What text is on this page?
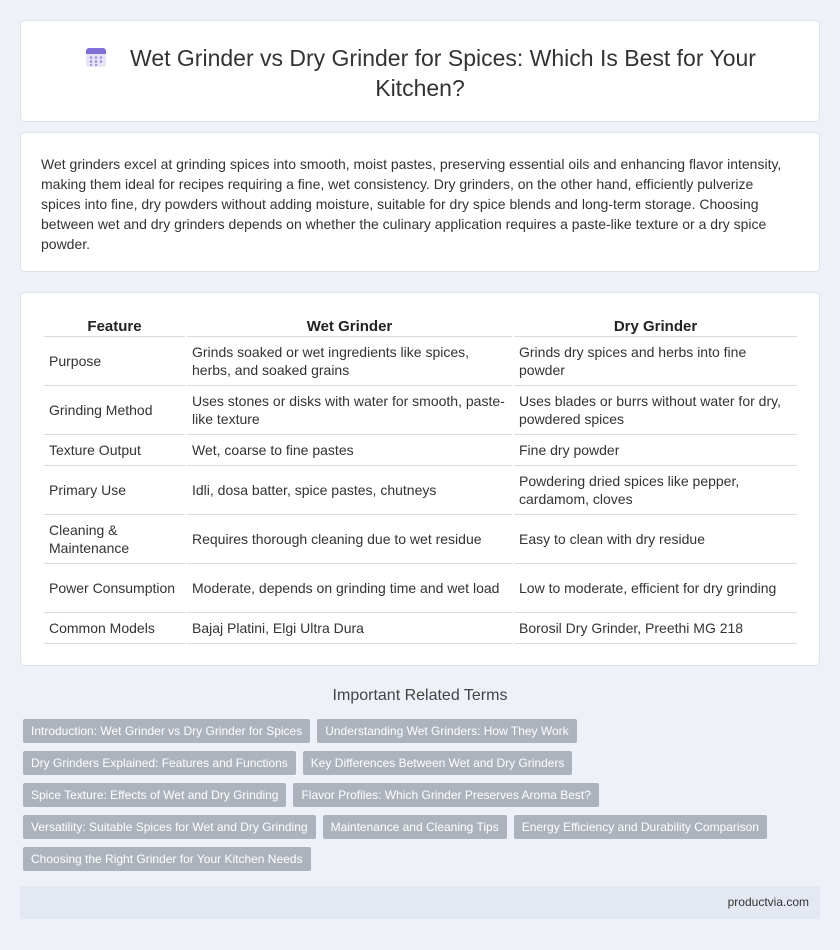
Wet Grinder vs Dry Grinder for Spices: Which Is Best for Your Kitchen?

Wet grinders excel at grinding spices into smooth, moist pastes, preserving essential oils and enhancing flavor intensity, making them ideal for recipes requiring a fine, wet consistency. Dry grinders, on the other hand, efficiently pulverize spices into fine, dry powders without adding moisture, suitable for dry spice blends and long-term storage. Choosing between wet and dry grinders depends on whether the culinary application requires a paste-like texture or a dry spice powder.

Feature	Wet Grinder	Dry Grinder
Purpose	Grinds soaked or wet ingredients like spices, herbs, and soaked grains	Grinds dry spices and herbs into fine powder
Grinding Method	Uses stones or disks with water for smooth, paste-like texture	Uses blades or burrs without water for dry, powdered spices
Texture Output	Wet, coarse to fine pastes	Fine dry powder
Primary Use	Idli, dosa batter, spice pastes, chutneys	Powdering dried spices like pepper, cardamom, cloves
Cleaning & Maintenance	Requires thorough cleaning due to wet residue	Easy to clean with dry residue
Power Consumption	Moderate, depends on grinding time and wet load	Low to moderate, efficient for dry grinding
Common Models	Bajaj Platini, Elgi Ultra Dura	Borosil Dry Grinder, Preethi MG 218
Important Related Terms
Introduction: Wet Grinder vs Dry Grinder for Spices	Understanding Wet Grinders: How They Work
Dry Grinders Explained: Features and Functions	Key Differences Between Wet and Dry Grinders
Spice Texture: Effects of Wet and Dry Grinding	Flavor Profiles: Which Grinder Preserves Aroma Best?
Versatility: Suitable Spices for Wet and Dry Grinding	Maintenance and Cleaning Tips	Energy Efficiency and Durability Comparison
Choosing the Right Grinder for Your Kitchen Needs
productvia.com
